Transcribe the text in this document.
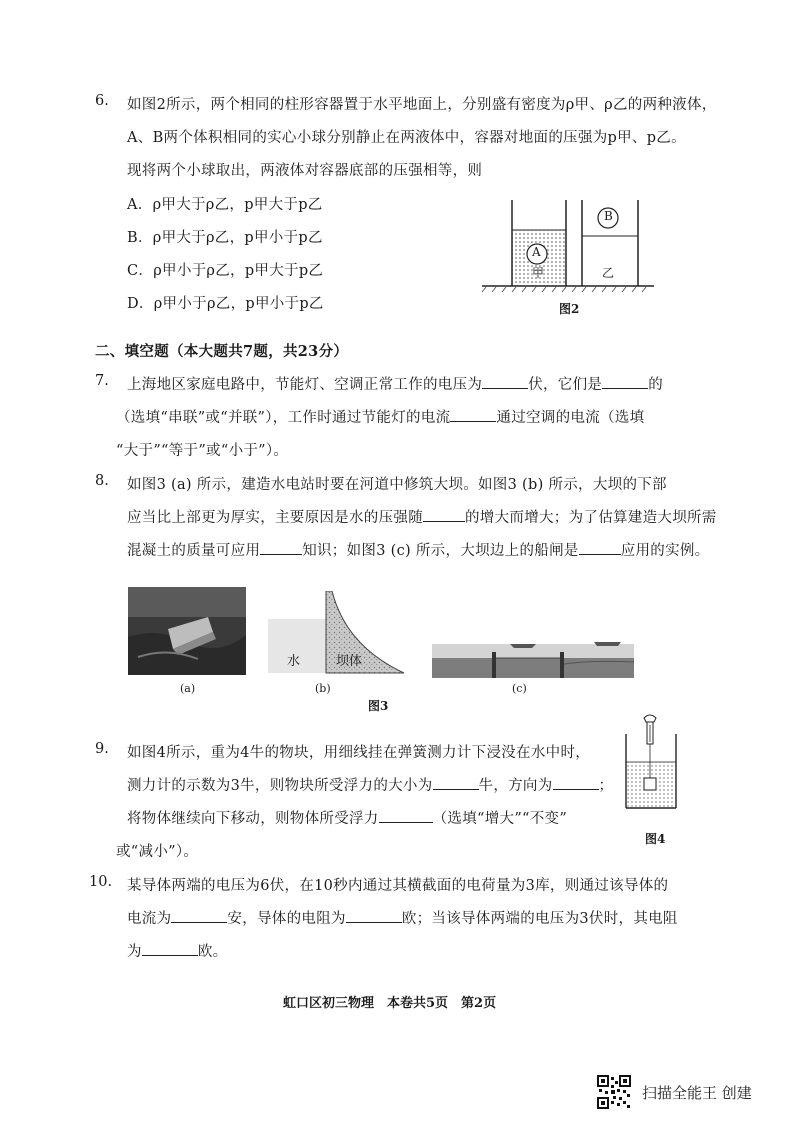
6. 如图2所示，两个相同的柱形容器置于水平地面上，分别盛有密度为ρ甲、ρ乙的两种液体，
A、B两个体积相同的实心小球分别静止在两液体中，容器对地面的压强为p甲、p乙。
现将两个小球取出，两液体对容器底部的压强相等，则
A．ρ甲大于ρ乙，p甲大于p乙
B．ρ甲大于ρ乙，p甲小于p乙
C．ρ甲小于ρ乙，p甲大于p乙
D．ρ甲小于ρ乙，p甲小于p乙
A
B
甲	乙
图2
二、填空题（本大题共7题，共23分）
7. 上海地区家庭电路中，节能灯、空调正常工作的电压为	伏，它们是	的
（选填“串联”或“并联”），工作时通过节能灯的电流	通过空调的电流（选填
“大于”“等于”或“小于”）。
8. 如图3 (a) 所示，建造水电站时要在河道中修筑大坝。如图3 (b) 所示，大坝的下部
应当比上部更为厚实，主要原因是水的压强随	的增大而增大；为了估算建造大坝所需
混凝土的质量可应用	知识；如图3 (c) 所示，大坝边上的船闸是	应用的实例。
水	坝体
(a)	(b)	(c)
图3
9. 如图4所示，重为4牛的物块，用细线挂在弹簧测力计下浸没在水中时，
测力计的示数为3牛，则物块所受浮力的大小为	牛，方向为	；
将物体继续向下移动，则物体所受浮力	（选填“增大”“不变”
或“减小”）。
图4
10. 某导体两端的电压为6伏，在10秒内通过其横截面的电荷量为3库，则通过该导体的
电流为	安，导体的电阻为	欧；当该导体两端的电压为3伏时，其电阻
为	欧。
虹口区初三物理　本卷共5页　第2页
扫描全能王 创建
